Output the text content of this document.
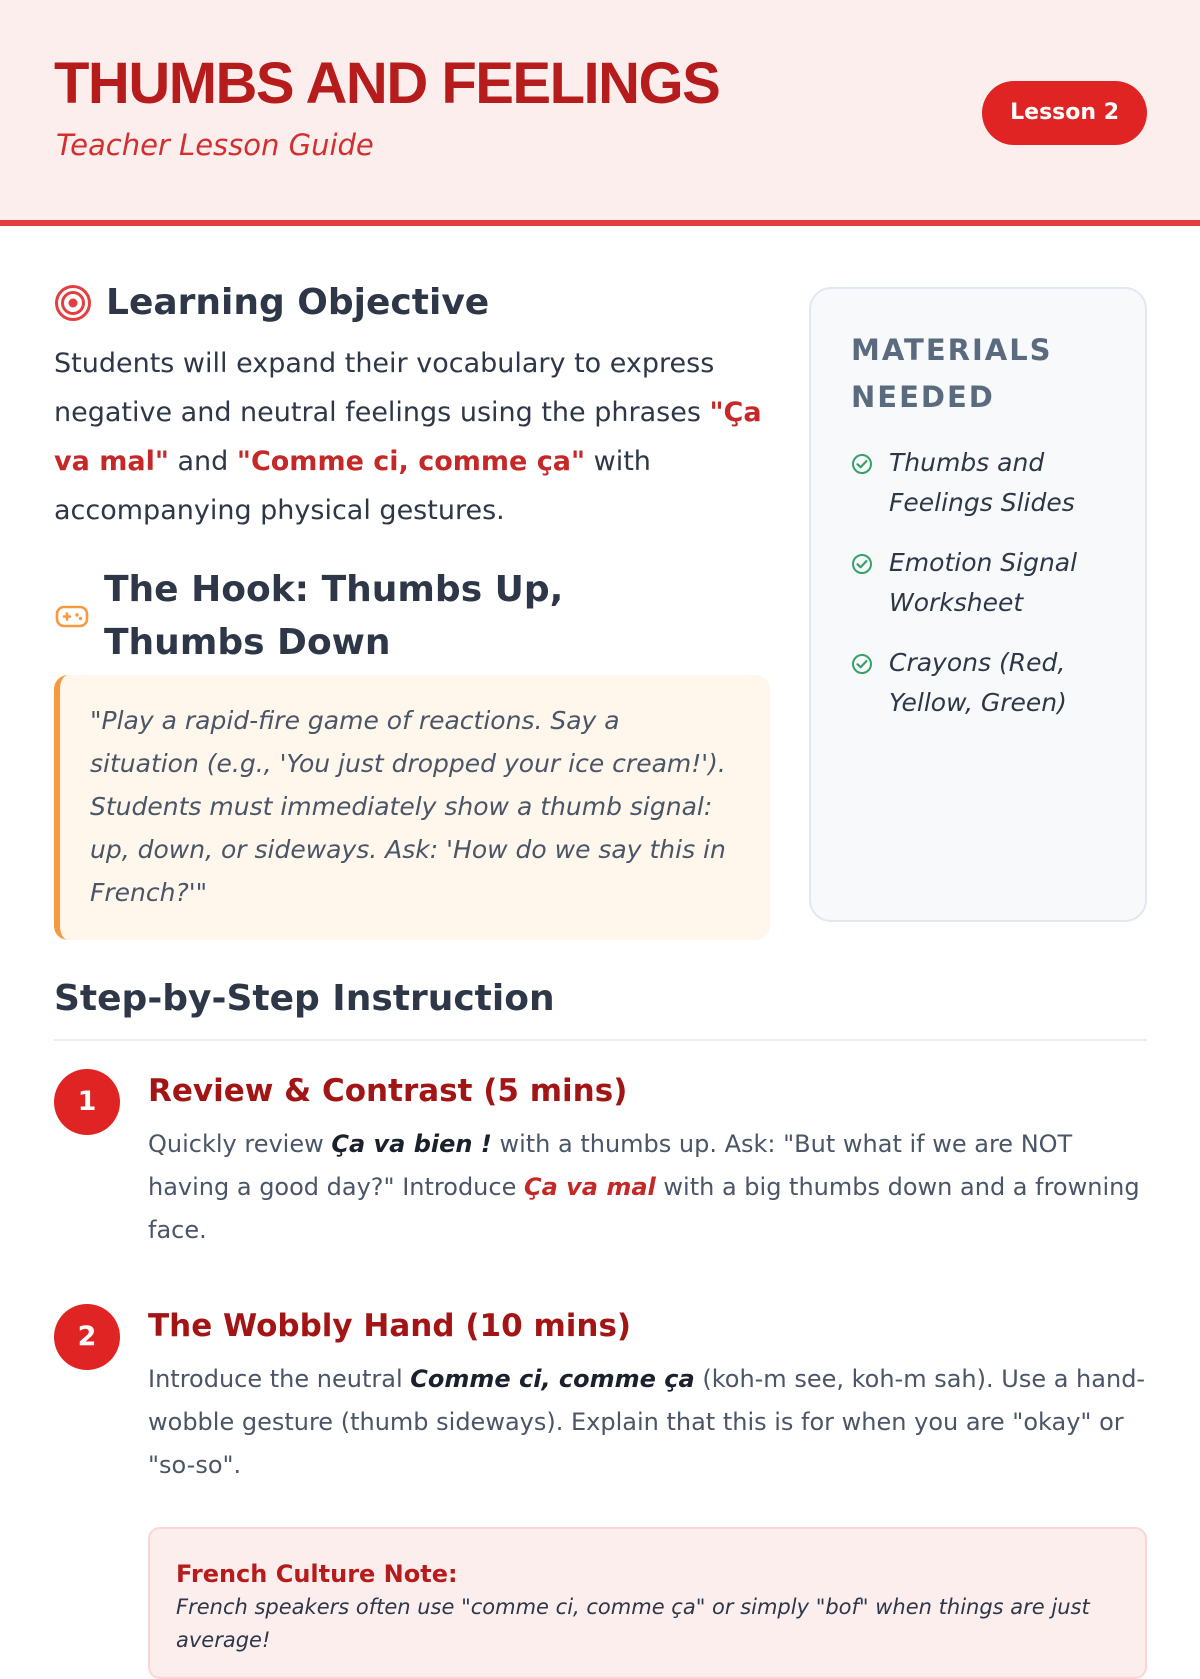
THUMBS AND FEELINGS
Teacher Lesson Guide
Lesson 2
Learning Objective

Students will expand their vocabulary to express negative and neutral feelings using the phrases "Ça va mal" and "Comme ci, comme ça" with accompanying physical gestures.

The Hook: Thumbs Up, Thumbs Down
"Play a rapid-fire game of reactions. Say a situation (e.g., 'You just dropped your ice cream!'). Students must immediately show a thumb signal: up, down, or sideways. Ask: 'How do we say this in French?'"
MATERIALS NEEDED
Thumbs and Feelings Slides
Emotion Signal Worksheet
Crayons (Red, Yellow, Green)
Step-by-Step Instruction
1	Review & Contrast (5 mins)

Quickly review Ça va bien ! with a thumbs up. Ask: "But what if we are NOT having a good day?" Introduce Ça va mal with a big thumbs down and a frowning face.

2	The Wobbly Hand (10 mins)

Introduce the neutral Comme ci, comme ça (koh-m see, koh-m sah). Use a hand-wobble gesture (thumb sideways). Explain that this is for when you are "okay" or "so-so".

French Culture Note:
French speakers often use "comme ci, comme ça" or simply "bof" when things are just average!
